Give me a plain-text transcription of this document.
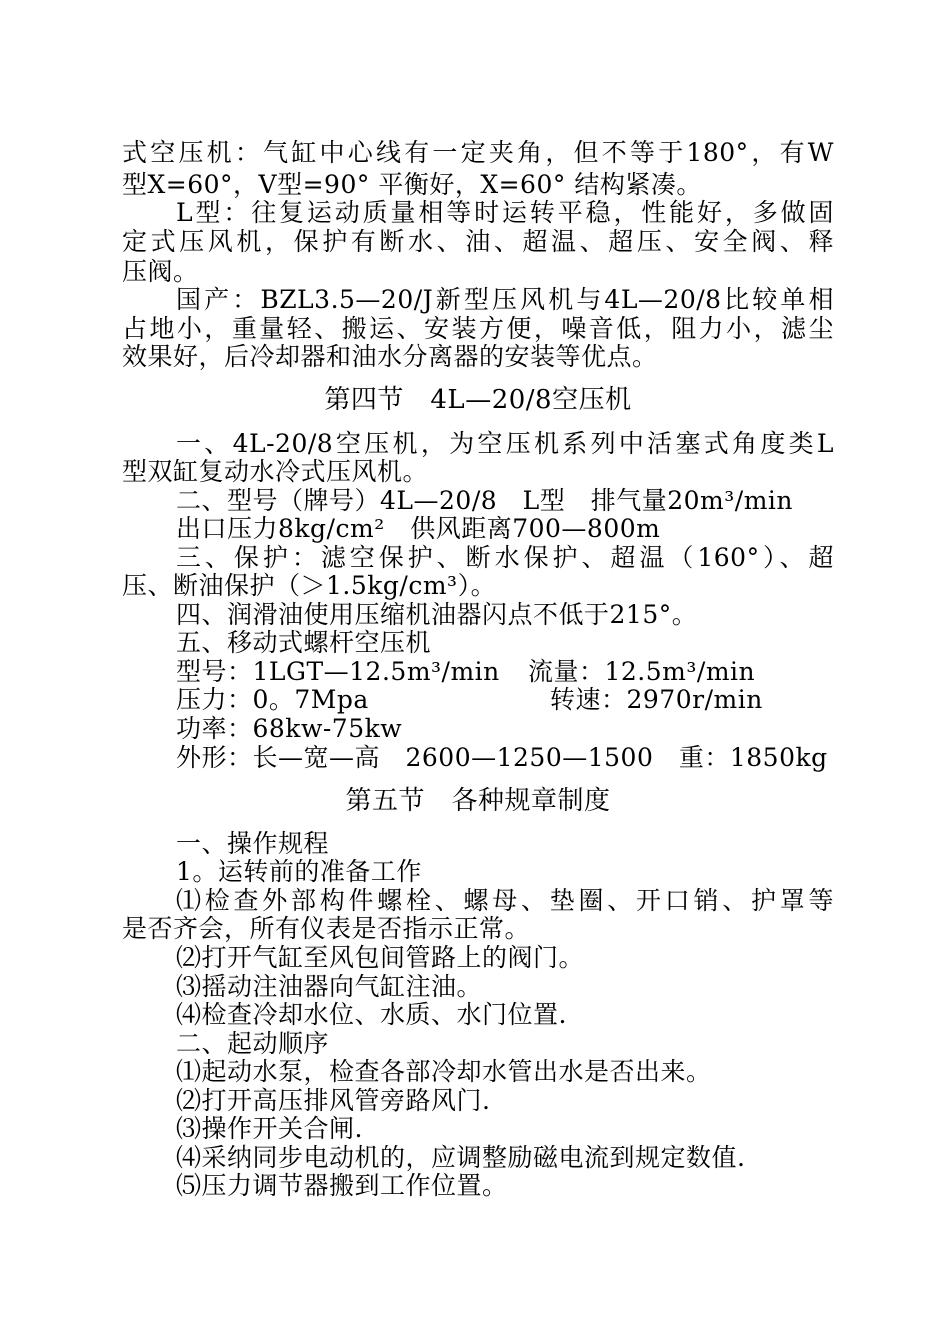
式空压机：气缸中心线有一定夹角，但不等于180°，有W
型X=60°，V型=90° 平衡好，X=60° 结构紧凑。
L型：往复运动质量相等时运转平稳，性能好，多做固
定式压风机，保护有断水、油、超温、超压、安全阀、释
压阀。
国产：BZL3.5—20/J新型压风机与4L—20/8比较单相
占地小，重量轻、搬运、安装方便，噪音低，阻力小，滤尘
效果好，后冷却器和油水分离器的安装等优点。
第四节　4L—20/8空压机
一、4L-20/8空压机，为空压机系列中活塞式角度类L
型双缸复动水冷式压风机。
二、型号（牌号）4L—20/8　L型　排气量20m³/min
出口压力8kg/cm²　供风距离700—800m
三、保护：滤空保护、断水保护、超温（160°）、超
压、断油保护（＞1.5kg/cm³）。
四、润滑油使用压缩机油器闪点不低于215°。
五、移动式螺杆空压机
型号：1LGT—12.5m³/min 流量：12.5m³/min
压力：0。7Mpa	转速：2970r/min
功率：68kw-75kw
外形：长—宽—高　2600—1250—1500　重：1850kg
第五节　各种规章制度
一、操作规程
1。运转前的准备工作
⑴检查外部构件螺栓、螺母、垫圈、开口销、护罩等
是否齐会，所有仪表是否指示正常。
⑵打开气缸至风包间管路上的阀门。
⑶摇动注油器向气缸注油。
⑷检查冷却水位、水质、水门位置.
二、起动顺序
⑴起动水泵，检查各部冷却水管出水是否出来。
⑵打开高压排风管旁路风门.
⑶操作开关合闸.
⑷采纳同步电动机的，应调整励磁电流到规定数值.
⑸压力调节器搬到工作位置。
